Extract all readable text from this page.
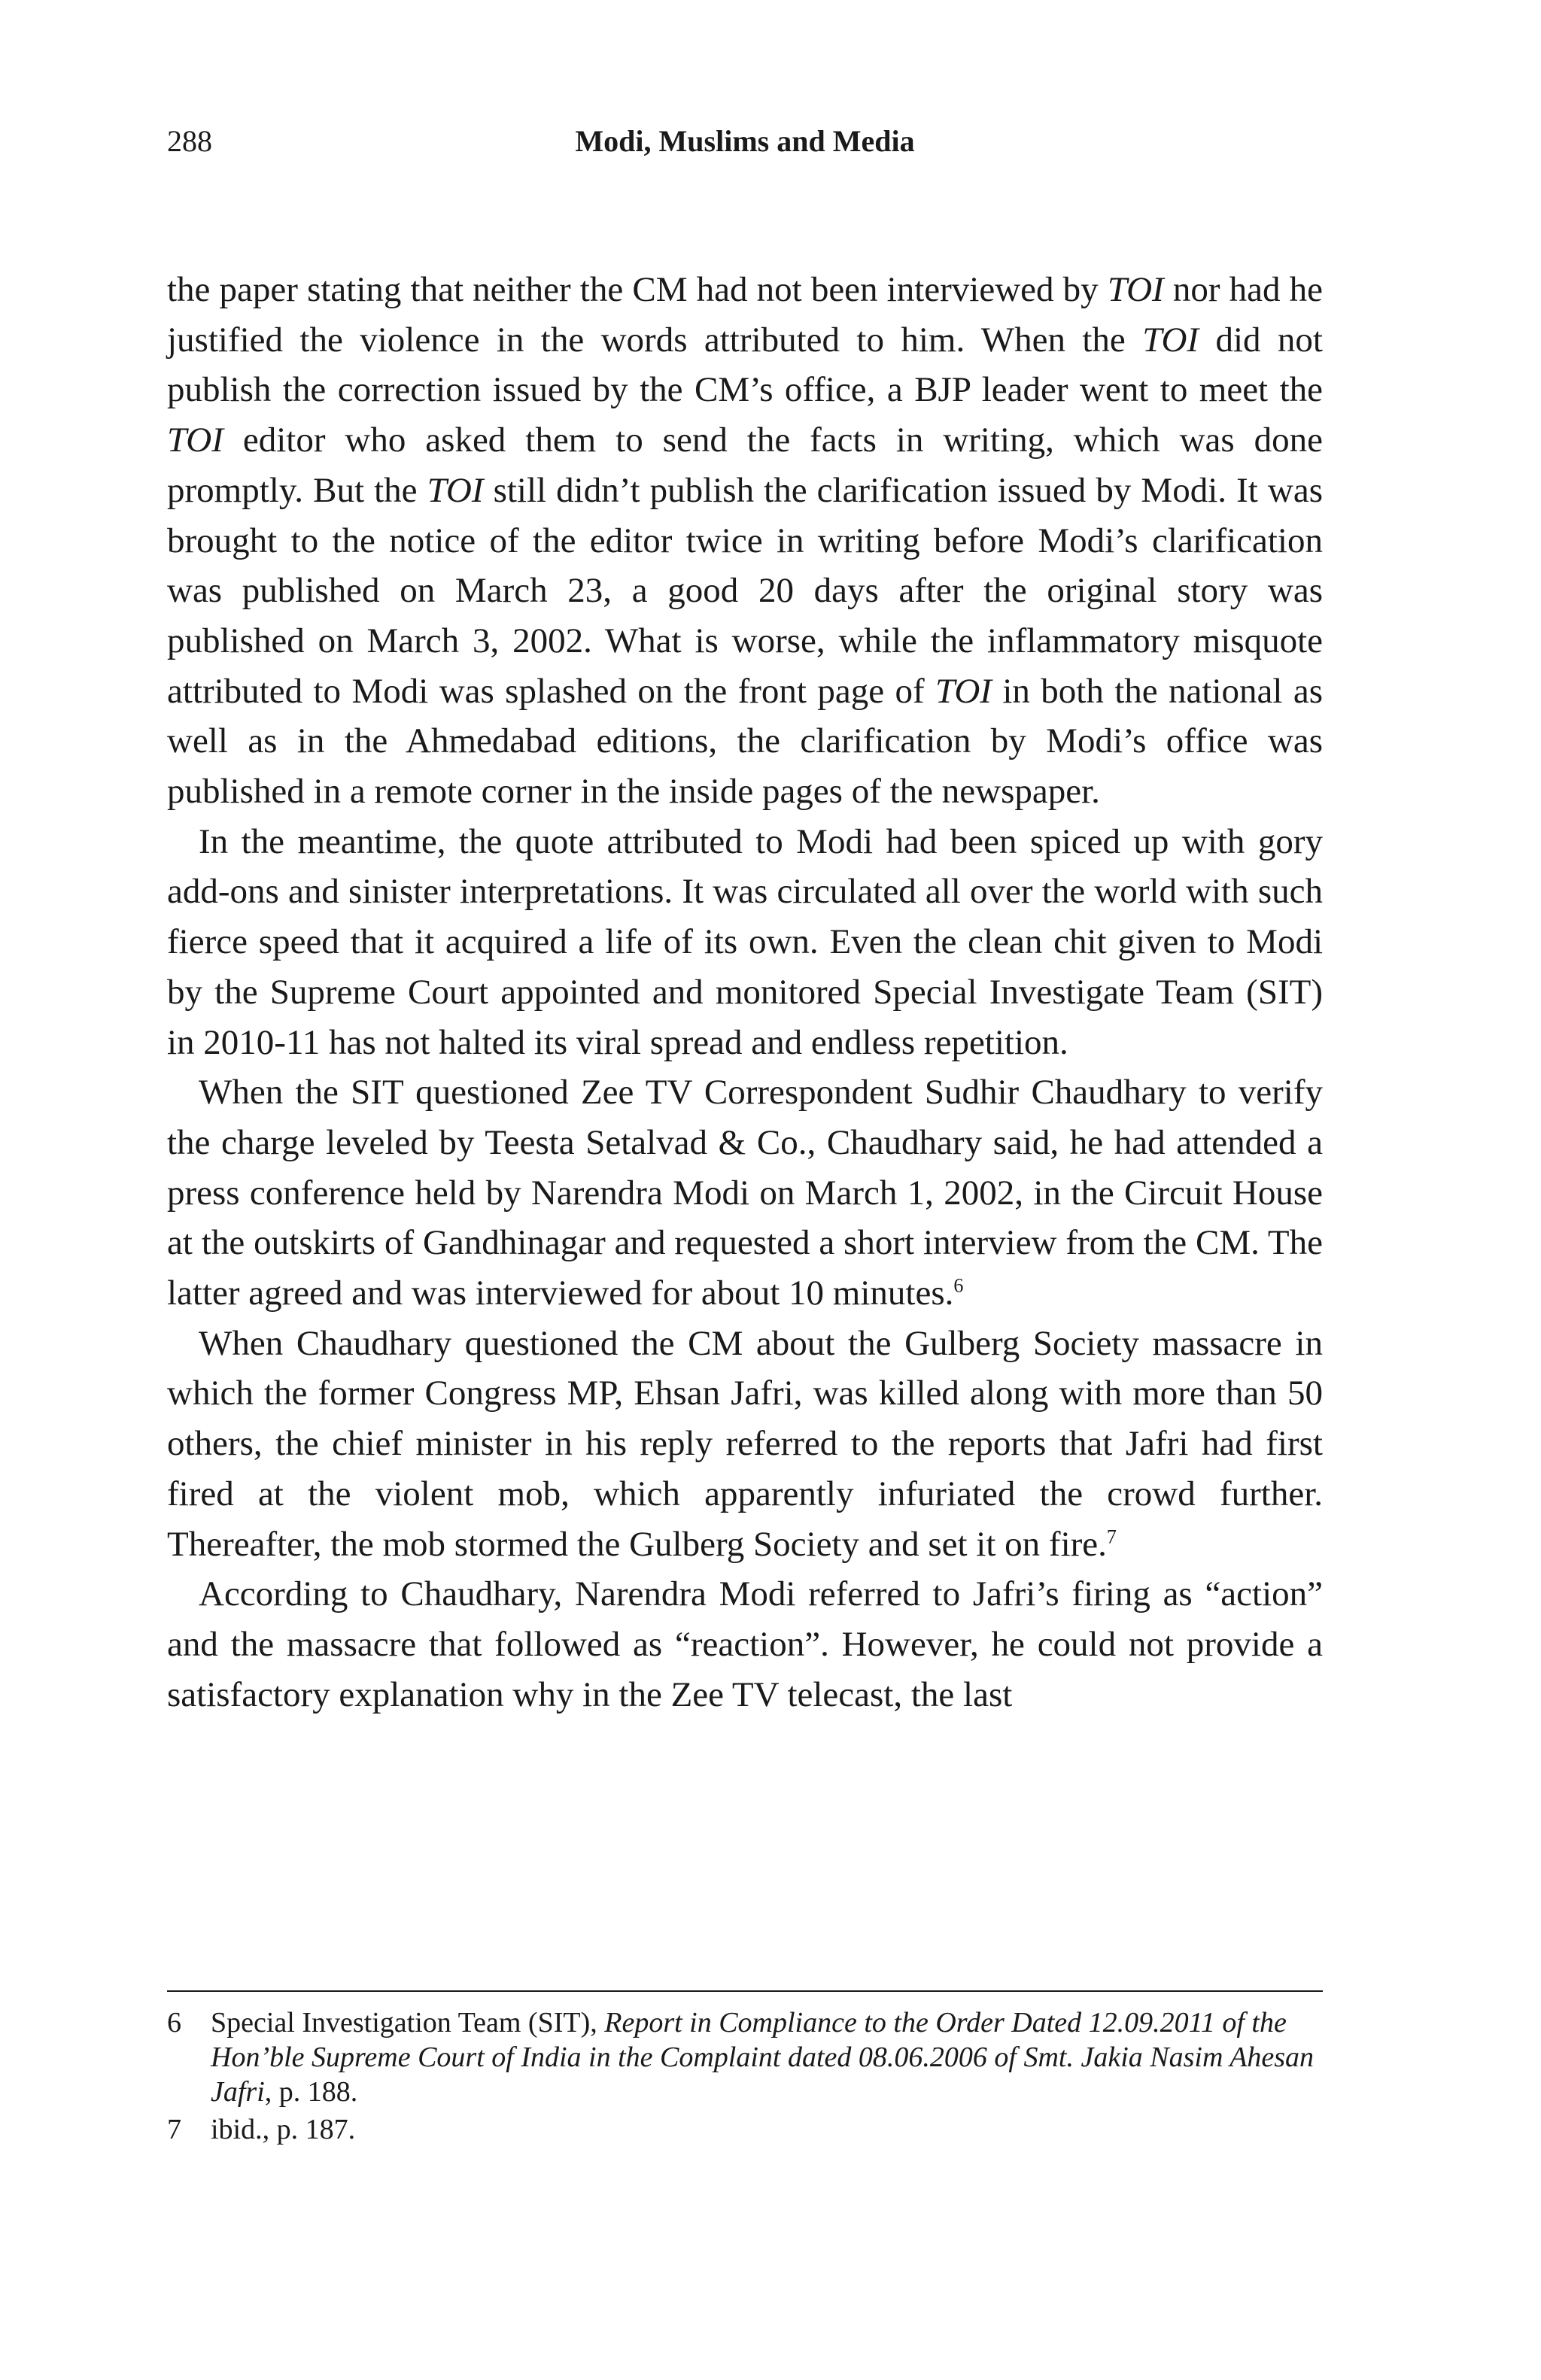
288	Modi, Muslims and Media

the paper stating that neither the CM had not been interviewed by TOI nor had he justified the violence in the words attributed to him. When the TOI did not publish the correction issued by the CM’s office, a BJP leader went to meet the TOI editor who asked them to send the facts in writing, which was done promptly. But the TOI still didn’t publish the clarification issued by Modi. It was brought to the notice of the editor twice in writing before Modi’s clarification was published on March 23, a good 20 days after the original story was published on March 3, 2002. What is worse, while the inflammatory misquote attributed to Modi was splashed on the front page of TOI in both the national as well as in the Ahmedabad editions, the clarification by Modi’s office was published in a remote corner in the inside pages of the newspaper.

In the meantime, the quote attributed to Modi had been spiced up with gory add-ons and sinister interpretations. It was circulated all over the world with such fierce speed that it acquired a life of its own. Even the clean chit given to Modi by the Supreme Court appointed and monitored Special Investigate Team (SIT) in 2010-11 has not halted its viral spread and endless repetition.

When the SIT questioned Zee TV Correspondent Sudhir Chaudhary to verify the charge leveled by Teesta Setalvad & Co., Chaudhary said, he had attended a press conference held by Narendra Modi on March 1, 2002, in the Circuit House at the outskirts of Gandhinagar and requested a short interview from the CM. The latter agreed and was interviewed for about 10 minutes.$^6$

When Chaudhary questioned the CM about the Gulberg Society massacre in which the former Congress MP, Ehsan Jafri, was killed along with more than 50 others, the chief minister in his reply referred to the reports that Jafri had first fired at the violent mob, which apparently infuriated the crowd further. Thereafter, the mob stormed the Gulberg Society and set it on fire.$^7$

According to Chaudhary, Narendra Modi referred to Jafri’s firing as “action” and the massacre that followed as “reaction”. However, he could not provide a satisfactory explanation why in the Zee TV telecast, the last

6 Special Investigation Team (SIT), Report in Compliance to the Order Dated 12.09.2011 of the Hon’ble Supreme Court of India in the Complaint dated 08.06.2006 of Smt. Jakia Nasim Ahesan Jafri, p. 188.

7 ibid., p. 187.
